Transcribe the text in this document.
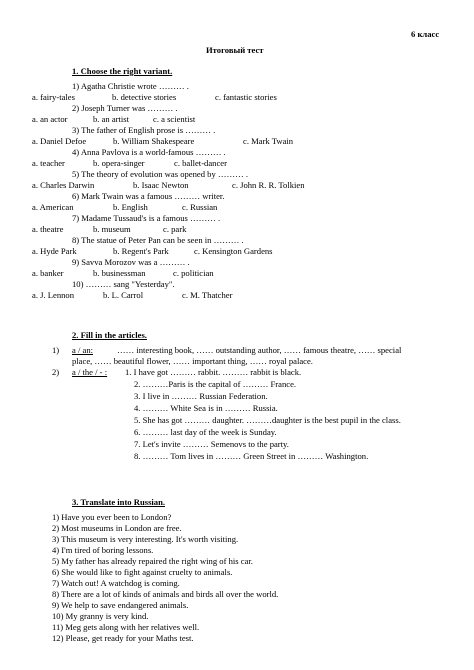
6 класс
Итоговый тест
1. Choose the right variant.
1) Agatha Christie wrote ……… .
a. fairy-tales	b. detective stories	c. fantastic stories
2) Joseph Turner was ……… .
a. an actor	b. an artist	c. a scientist
3) The father of English prose is ……… .
a. Daniel Defoe	b. William Shakespeare	c. Mark Twain
4) Anna Pavlova is a world-famous ……… .
a. teacher	b. opera-singer	c. ballet-dancer
5) The theory of evolution was opened by ……… .
a. Charles Darwin	b. Isaac Newton	c. John R. R. Tolkien
6) Mark Twain was a famous ……… writer.
a. American	b. English	c. Russian
7) Madame Tussaud's is a famous ……… .
a. theatre	b. museum	c. park
8) The statue of Peter Pan can be seen in ……… .
a. Hyde Park	b. Regent's Park	c. Kensington Gardens
9) Savva Morozov was a ……… .
a. banker	b. businessman	c. politician
10) ……… sang "Yesterday".
a. J. Lennon	b. L. Carrol	c. M. Thatcher
2. Fill in the articles.
1) a / an:	…… interesting book, …… outstanding author, …… famous theatre, …… special
place, …… beautiful flower, …… important thing, …… royal palace.
2) a / the / - : 1. I have got ……… rabbit. ……… rabbit is black.
2. ………Paris is the capital of ……… France.
3. I live in ……… Russian Federation.
4. ……… White Sea is in ……… Russia.
5. She has got ……… daughter. ………daughter is the best pupil in the class.
6. ……… last day of the week is Sunday.
7. Let's invite ……… Semenovs to the party.
8. ……… Tom lives in ……… Green Street in ……… Washington.
3. Translate into Russian.
1) Have you ever been to London?
2) Most museums in London are free.
3) This museum is very interesting. It's worth visiting.
4) I'm tired of boring lessons.
5) My father has already repaired the right wing of his car.
6) She would like to fight against cruelty to animals.
7) Watch out! A watchdog is coming.
8) There are a lot of kinds of animals and birds all over the world.
9) We help to save endangered animals.
10) My granny is very kind.
11) Meg gets along with her relatives well.
12) Please, get ready for your Maths test.
